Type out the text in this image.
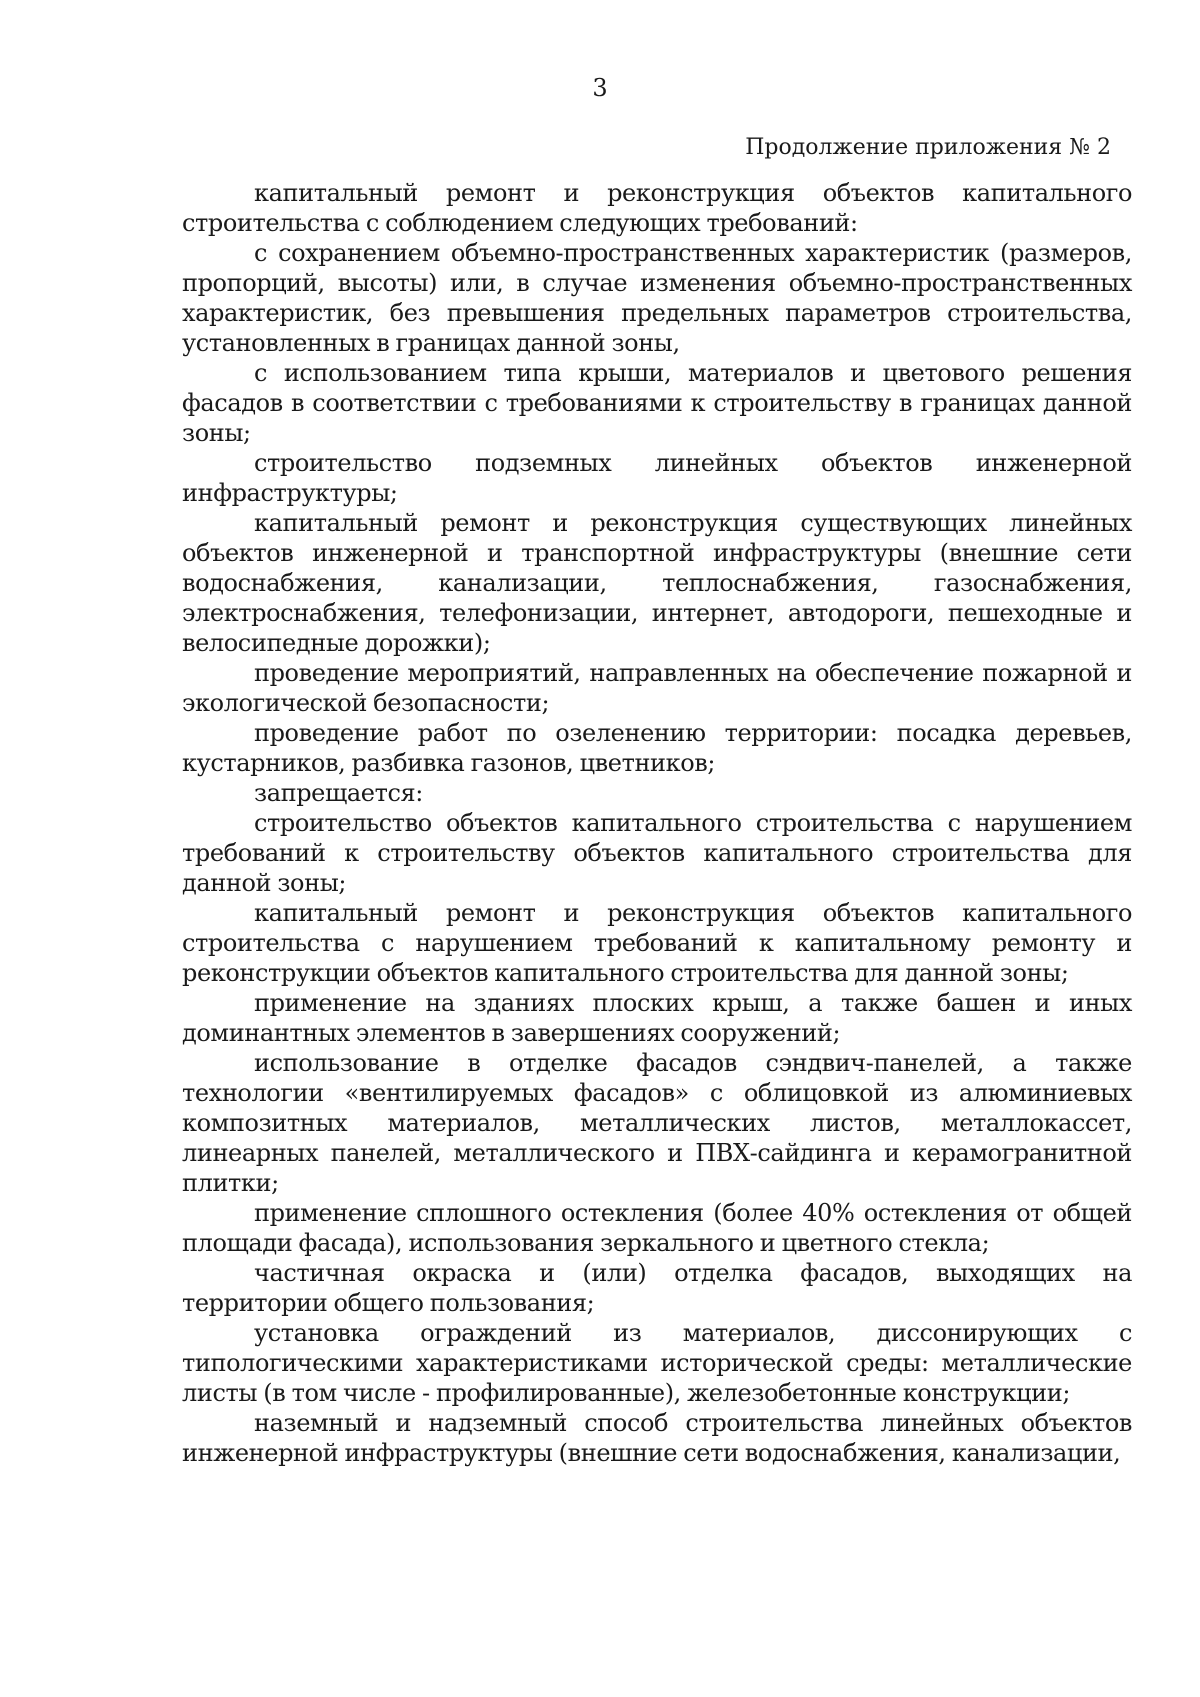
3
Продолжение приложения № 2

капитальный ремонт и реконструкция объектов капитального строительства с соблюдением следующих требований:

с сохранением объемно-пространственных характеристик (размеров, пропорций, высоты) или, в случае изменения объемно-пространственных характеристик, без превышения предельных параметров строительства, установленных в границах данной зоны,

с использованием типа крыши, материалов и цветового решения фасадов в соответствии с требованиями к строительству в границах данной зоны;

строительство подземных линейных объектов инженерной инфраструктуры;

капитальный ремонт и реконструкция существующих линейных объектов инженерной и транспортной инфраструктуры (внешние сети водоснабжения, канализации, теплоснабжения, газоснабжения, электроснабжения, телефонизации, интернет, автодороги, пешеходные и велосипедные дорожки);

проведение мероприятий, направленных на обеспечение пожарной и экологической безопасности;

проведение работ по озеленению территории: посадка деревьев, кустарников, разбивка газонов, цветников;

запрещается:

строительство объектов капитального строительства с нарушением требований к строительству объектов капитального строительства для данной зоны;

капитальный ремонт и реконструкция объектов капитального строительства с нарушением требований к капитальному ремонту и реконструкции объектов капитального строительства для данной зоны;

применение на зданиях плоских крыш, а также башен и иных доминантных элементов в завершениях сооружений;

использование в отделке фасадов сэндвич-панелей, а также технологии «вентилируемых фасадов» с облицовкой из алюминиевых композитных материалов, металлических листов, металлокассет, линеарных панелей, металлического и ПВХ-сайдинга и керамогранитной плитки;

применение сплошного остекления (более 40% остекления от общей площади фасада), использования зеркального и цветного стекла;

частичная окраска и (или) отделка фасадов, выходящих на территории общего пользования;

установка ограждений из материалов, диссонирующих с типологическими характеристиками исторической среды: металлические листы (в том числе - профилированные), железобетонные конструкции;

наземный и надземный способ строительства линейных объектов инженерной инфраструктуры (внешние сети водоснабжения, канализации,
